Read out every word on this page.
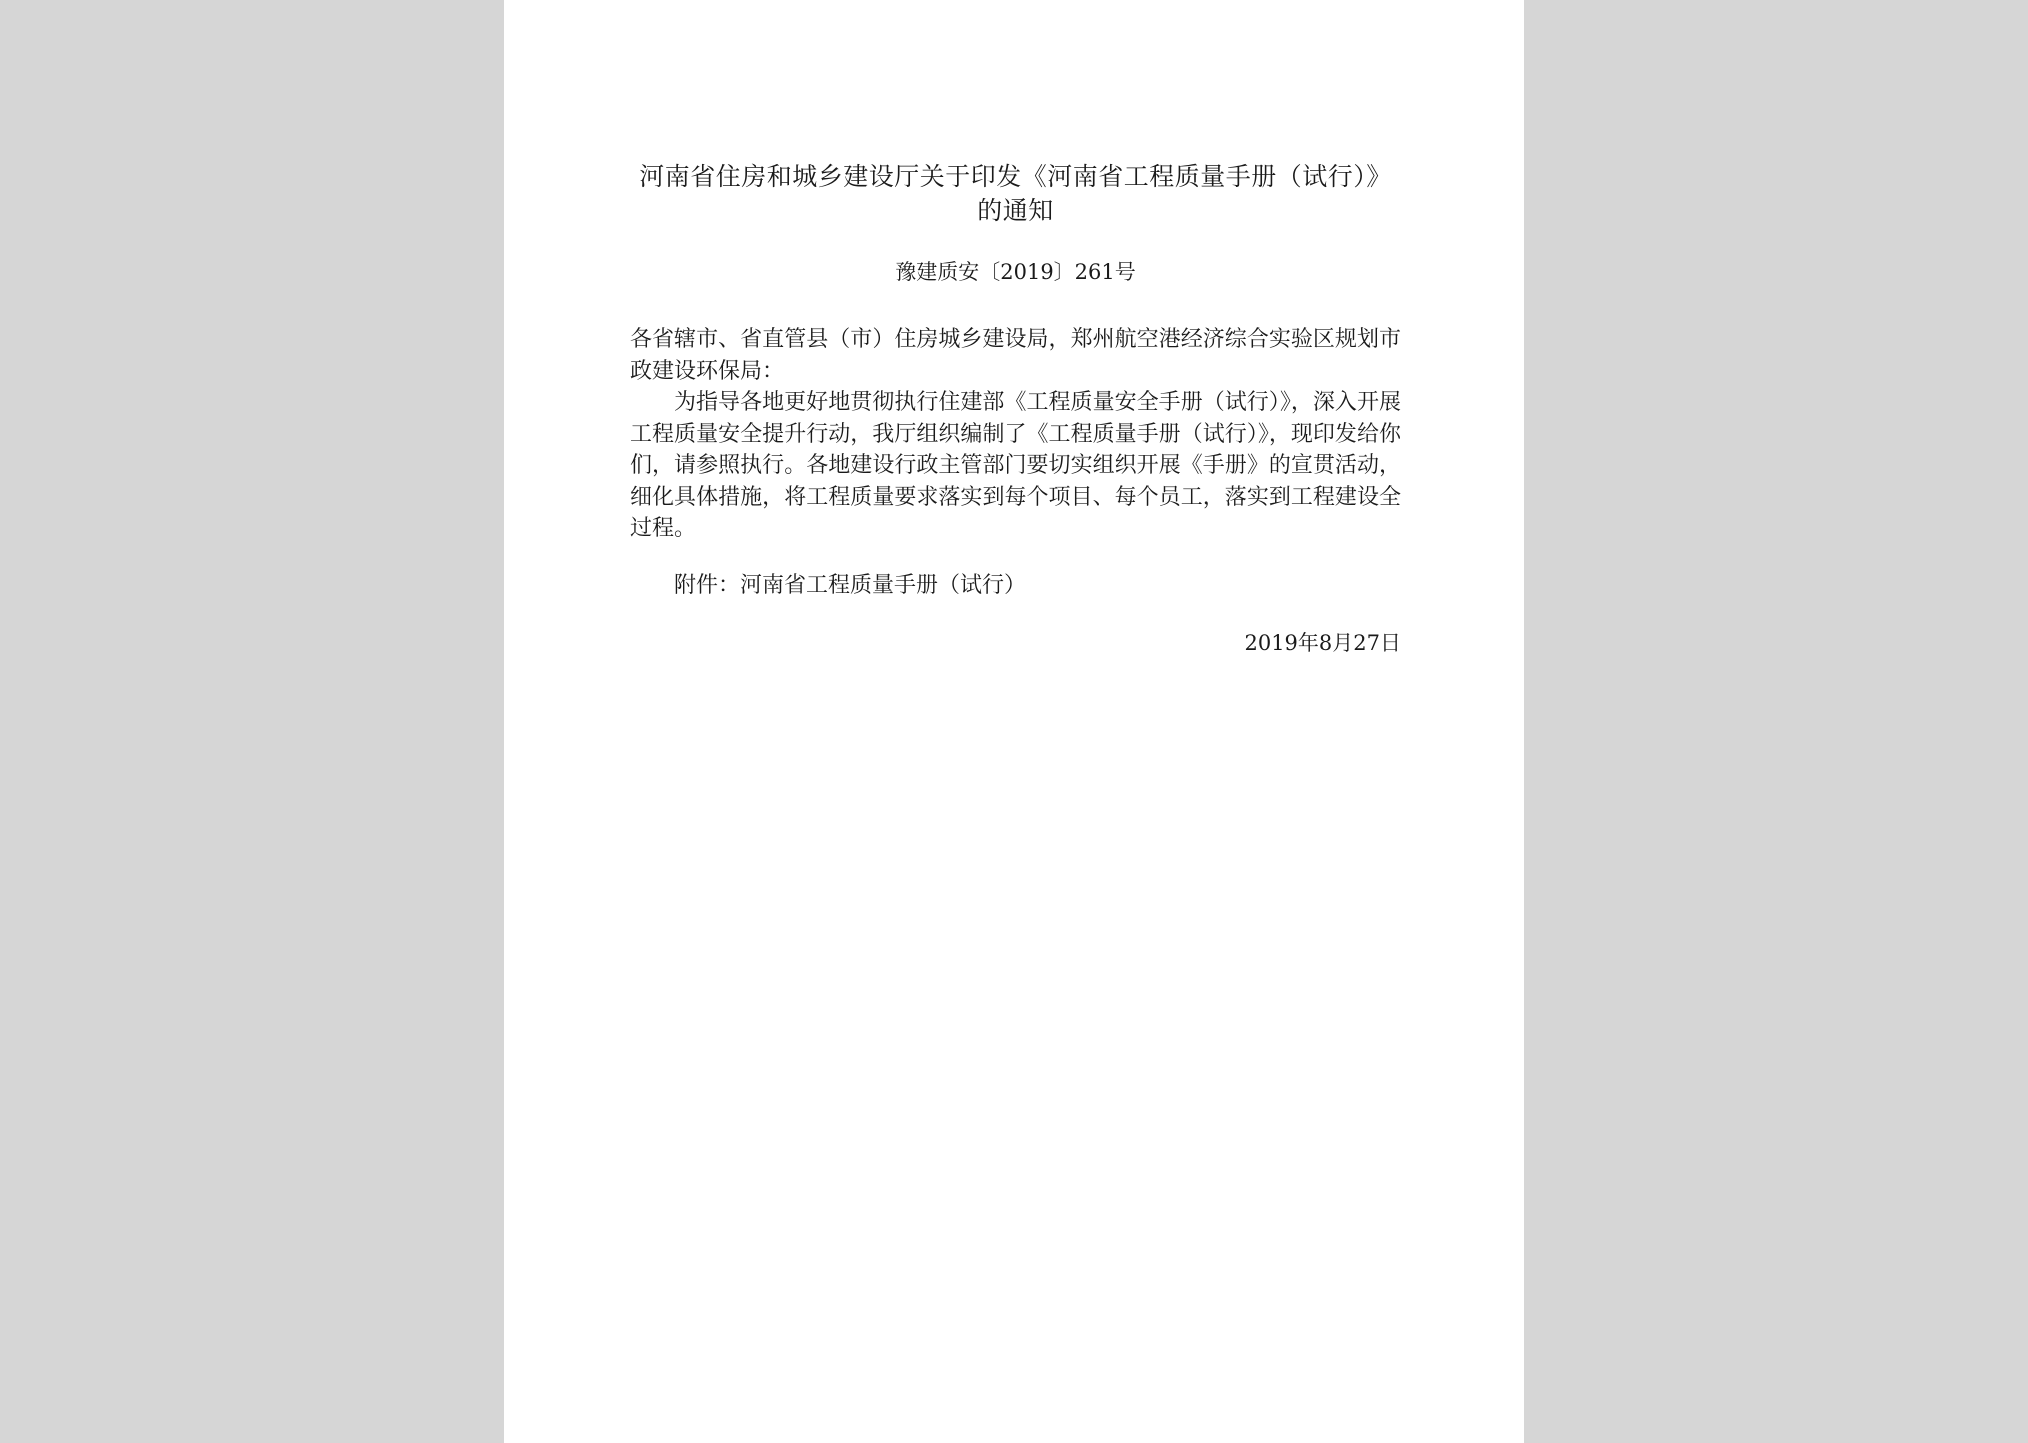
河南省住房和城乡建设厅关于印发《河南省工程质量手册（试行）》的通知
豫建质安〔2019〕261号

各省辖市、省直管县（市）住房城乡建设局，郑州航空港经济综合实验区规划市政建设环保局：

为指导各地更好地贯彻执行住建部《工程质量安全手册（试行）》，深入开展工程质量安全提升行动，我厅组织编制了《工程质量手册（试行）》，现印发给你们，请参照执行。各地建设行政主管部门要切实组织开展《手册》的宣贯活动，细化具体措施，将工程质量要求落实到每个项目、每个员工，落实到工程建设全过程。

附件：河南省工程质量手册（试行）
2019年8月27日
